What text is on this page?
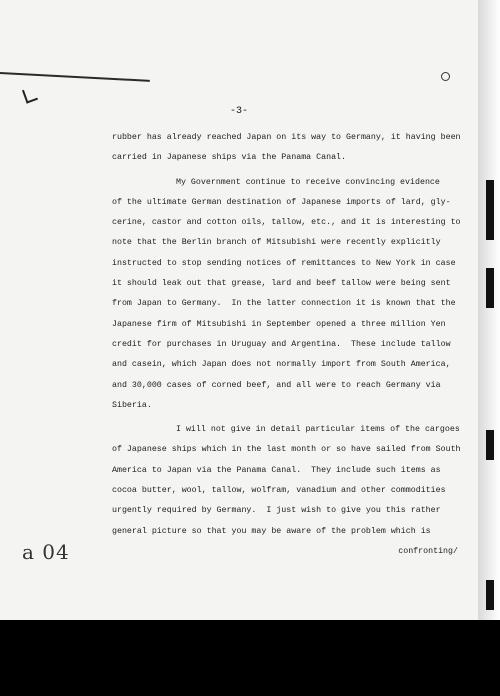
-3-

rubber has already reached Japan on its way to Germany, it having been

carried in Japanese ships via the Panama Canal.

My Government continue to receive convincing evidence

of the ultimate German destination of Japanese imports of lard, gly-

cerine, castor and cotton oils, tallow, etc., and it is interesting to

note that the Berlin branch of Mitsubishi were recently explicitly

instructed to stop sending notices of remittances to New York in case

it should leak out that grease, lard and beef tallow were being sent

from Japan to Germany.  In the latter connection it is known that the

Japanese firm of Mitsubishi in September opened a three million Yen

credit for purchases in Uruguay and Argentina.  These include tallow

and casein, which Japan does not normally import from South America,

and 30,000 cases of corned beef, and all were to reach Germany via

Siberia.

I will not give in detail particular items of the cargoes

of Japanese ships which in the last month or so have sailed from South

America to Japan via the Panama Canal.  They include such items as

cocoa butter, wool, tallow, wolfram, vanadium and other commodities

urgently required by Germany.  I just wish to give you this rather

general picture so that you may be aware of the problem which is

confronting/

a 04
